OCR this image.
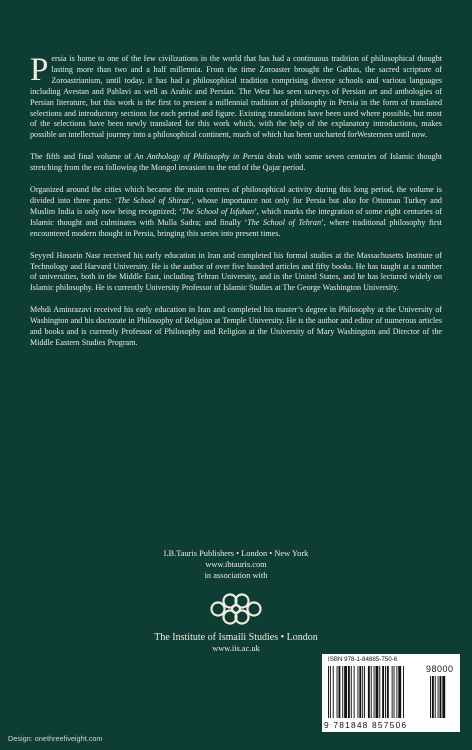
Persia is home to one of the few civilizations in the world that has had a continuous tradition of philosophical thought lasting more than two and a half millennia. From the time Zoroaster brought the Gathas, the sacred scripture of Zoroastrianism, until today, it has had a philosophical tradition comprising diverse schools and various languages including Avestan and Pahlavi as well as Arabic and Persian. The West has seen surveys of Persian art and anthologies of Persian literature, but this work is the first to present a millennial tradition of philosophy in Persia in the form of translated selections and introductory sections for each period and figure. Existing translations have been used where possible, but most of the selections have been newly translated for this work which, with the help of the explanatory introductions, makes possible an intellectual journey into a philosophical continent, much of which has been uncharted forWesterners until now.

The fifth and final volume of An Anthology of Philosophy in Persia deals with some seven centuries of Islamic thought stretching from the era following the Mongol invasion to the end of the Qajar period.

Organized around the cities which became the main centres of philosophical activity during this long period, the volume is divided into three parts: ‘The School of Shiraz’, whose importance not only for Persia but also for Ottoman Turkey and Muslim India is only now being recognized; ‘The School of Isfahan’, which marks the integration of some eight centuries of Islamic thought and culminates with Mulla Sadra; and finally ‘The School of Tehran’, where traditional philosophy first encountered modern thought in Persia, bringing this series into present times.

Seyyed Hossein Nasr received his early education in Iran and completed his formal studies at the Massachusetts Institute of Technology and Harvard University. He is the author of over five hundred articles and fifty books. He has taught at a number of universities, both in the Middle East, including Tehran University, and in the United States, and he has lectured widely on Islamic philosophy. He is currently University Professor of Islamic Studies at The George Washington University.

Mehdi Aminrazavi received his early education in Iran and completed his master’s degree in Philosophy at the University of Washington and his doctorate in Philosophy of Religion at Temple University. He is the author and editor of numerous articles and books and is currently Professor of Philosophy and Religion at the University of Mary Washington and Director of the Middle Eastern Studies Program.

I.B.Tauris Publishers • London • New York
www.ibtauris.com
in association with
The Institute of Ismaili Studies • London
www.iis.ac.uk
ISBN 978-1-84885-750-6
98000
9 781848 857506
Design: onethreefiveight.com
